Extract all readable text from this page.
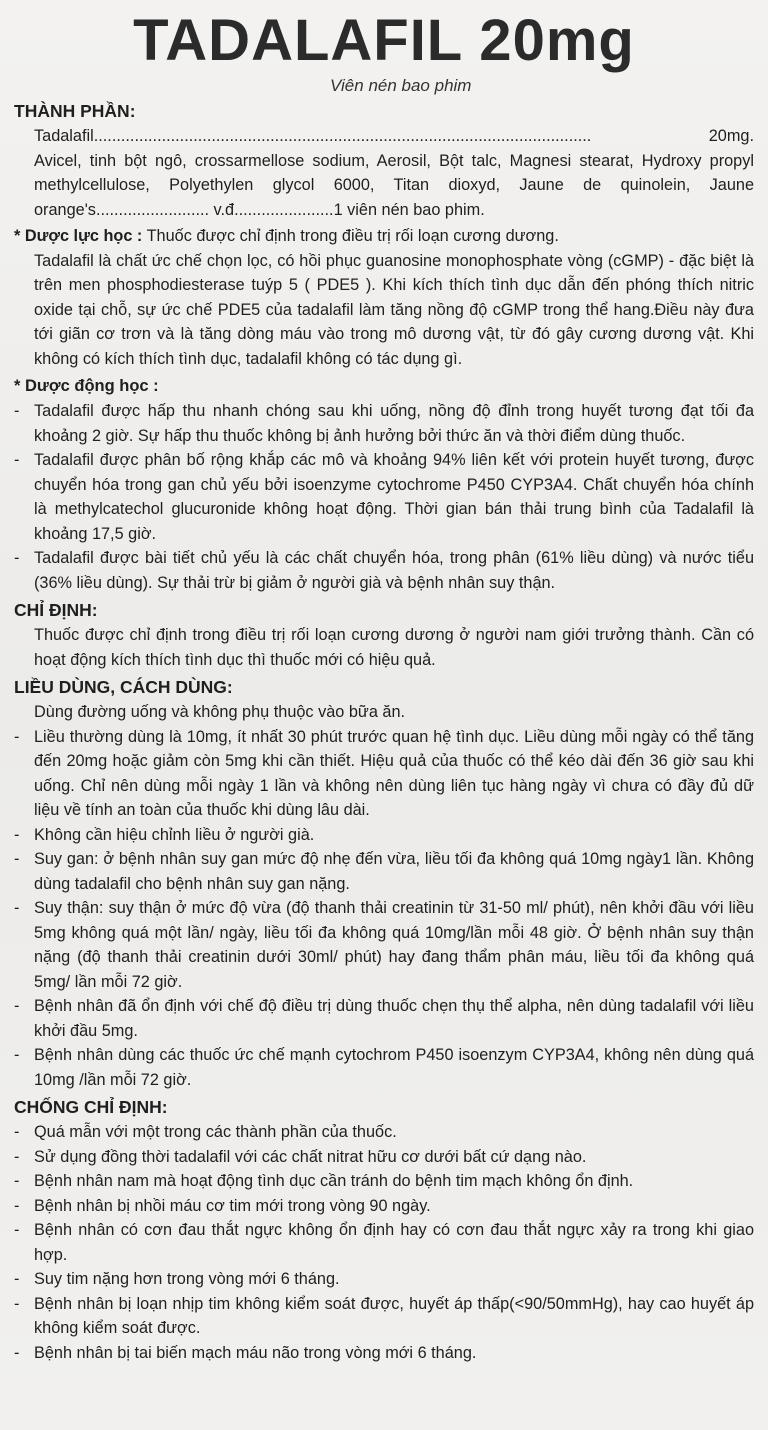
TADALAFIL 20mg
Viên nén bao phim
THÀNH PHẦN:
Tadalafil ..............................................................................................................	20mg.

Avicel, tinh bột ngô, crossarmellose sodium, Aerosil, Bột talc, Magnesi stearat, Hydroxy propyl methylcellulose, Polyethylen glycol 6000, Titan dioxyd, Jaune de quinolein, Jaune orange's......................... v.đ......................1 viên nén bao phim.

* Dược lực học : Thuốc được chỉ định trong điều trị rối loạn cương dương.

Tadalafil là chất ức chế chọn lọc, có hồi phục guanosine monophosphate vòng (cGMP) - đặc biệt là trên men phosphodiesterase tuýp 5 ( PDE5 ). Khi kích thích tình dục dẫn đến phóng thích nitric oxide tại chỗ, sự ức chế PDE5 của tadalafil làm tăng nồng độ cGMP trong thể hang.Điều này đưa tới giãn cơ trơn và là tăng dòng máu vào trong mô dương vật, từ đó gây cương dương vật. Khi không có kích thích tình dục, tadalafil không có tác dụng gì.

* Dược động học :
- Tadalafil được hấp thu nhanh chóng sau khi uống, nồng độ đỉnh trong huyết tương đạt tối đa khoảng 2 giờ. Sự hấp thu thuốc không bị ảnh hưởng bởi thức ăn và thời điểm dùng thuốc.
- Tadalafil được phân bố rộng khắp các mô và khoảng 94% liên kết với protein huyết tương, được chuyển hóa trong gan chủ yếu bởi isoenzyme cytochrome P450 CYP3A4. Chất chuyển hóa chính là methylcatechol glucuronide không hoạt động. Thời gian bán thải trung bình của Tadalafil là khoảng 17,5 giờ.
- Tadalafil được bài tiết chủ yếu là các chất chuyển hóa, trong phân (61% liều dùng) và nước tiểu (36% liều dùng). Sự thải trừ bị giảm ở người già và bệnh nhân suy thận.
CHỈ ĐỊNH:

Thuốc được chỉ định trong điều trị rối loạn cương dương ở người nam giới trưởng thành. Cần có hoạt động kích thích tình dục thì thuốc mới có hiệu quả.

LIỀU DÙNG, CÁCH DÙNG:

Dùng đường uống và không phụ thuộc vào bữa ăn.

- Liều thường dùng là 10mg, ít nhất 30 phút trước quan hệ tình dục. Liều dùng mỗi ngày có thể tăng đến 20mg hoặc giảm còn 5mg khi cần thiết. Hiệu quả của thuốc có thể kéo dài đến 36 giờ sau khi uống. Chỉ nên dùng mỗi ngày 1 lần và không nên dùng liên tục hàng ngày vì chưa có đầy đủ dữ liệu về tính an toàn của thuốc khi dùng lâu dài.
- Không cần hiệu chỉnh liều ở người già.
- Suy gan: ở bệnh nhân suy gan mức độ nhẹ đến vừa, liều tối đa không quá 10mg ngày1 lần. Không dùng tadalafil cho bệnh nhân suy gan nặng.
- Suy thận: suy thận ở mức độ vừa (độ thanh thải creatinin từ 31-50 ml/ phút), nên khởi đầu với liều 5mg không quá một lần/ ngày, liều tối đa không quá 10mg/lần mỗi 48 giờ. Ở bệnh nhân suy thận nặng (độ thanh thải creatinin dưới 30ml/ phút) hay đang thẩm phân máu, liều tối đa không quá 5mg/ lần mỗi 72 giờ.
- Bệnh nhân đã ổn định với chế độ điều trị dùng thuốc chẹn thụ thể alpha, nên dùng tadalafil với liều khởi đầu 5mg.
- Bệnh nhân dùng các thuốc ức chế mạnh cytochrom P450 isoenzym CYP3A4, không nên dùng quá 10mg /lần mỗi 72 giờ.
CHỐNG CHỈ ĐỊNH:
- Quá mẫn với một trong các thành phần của thuốc.
- Sử dụng đồng thời tadalafil với các chất nitrat hữu cơ dưới bất cứ dạng nào.
- Bệnh nhân nam mà hoạt động tình dục cần tránh do bệnh tim mạch không ổn định.
- Bệnh nhân bị nhồi máu cơ tim mới trong vòng 90 ngày.
- Bệnh nhân có cơn đau thắt ngực không ổn định hay có cơn đau thắt ngực xảy ra trong khi giao hợp.
- Suy tim nặng hơn trong vòng mới 6 tháng.
- Bệnh nhân bị loạn nhịp tim không kiểm soát được, huyết áp thấp(<90/50mmHg), hay cao huyết áp không kiểm soát được.
- Bệnh nhân bị tai biến mạch máu não trong vòng mới 6 tháng.
